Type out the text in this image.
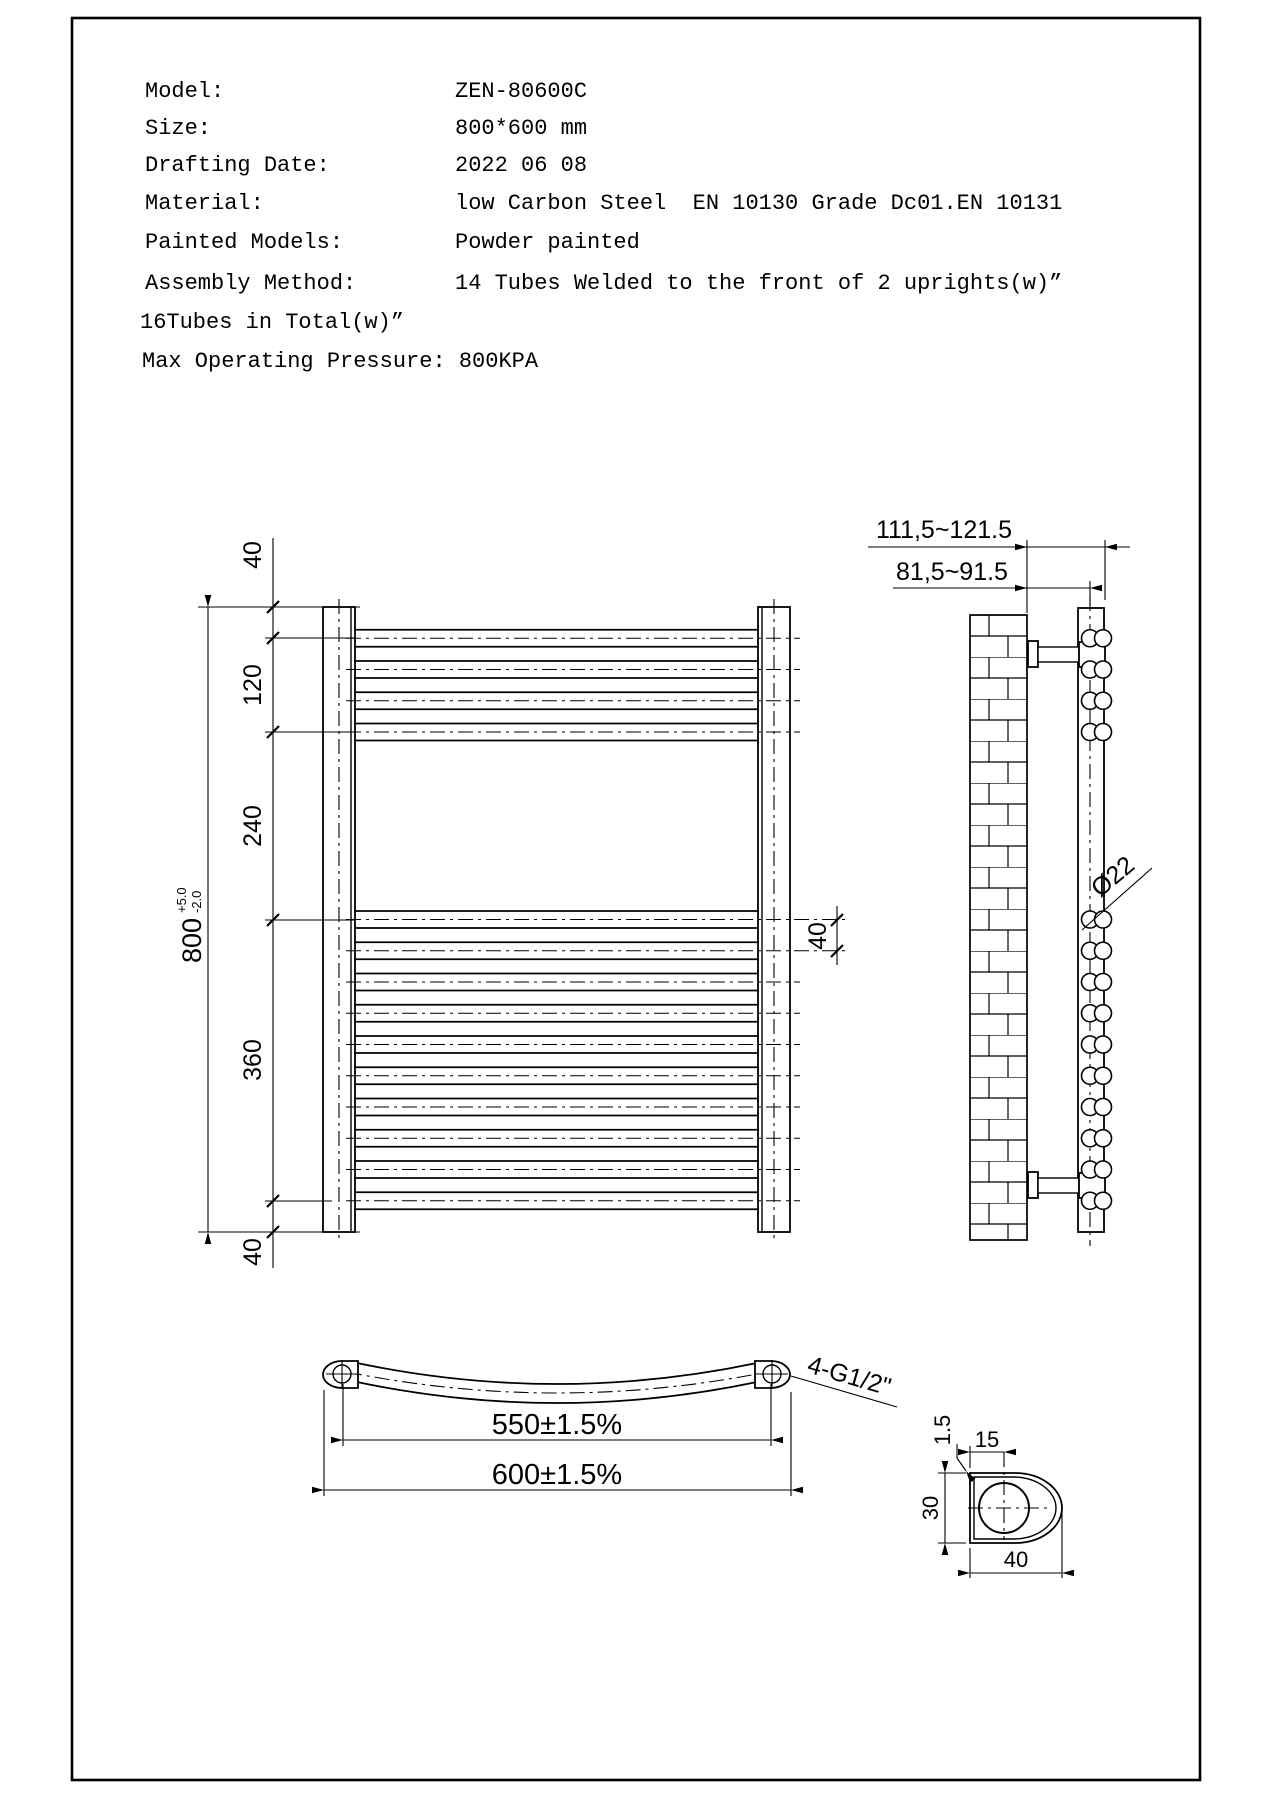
Model:	ZEN-80600C
Size:	800*600 mm
Drafting Date:	2022 06 08
Material:	low Carbon Steel  EN 10130 Grade Dc01.EN 10131
Painted Models:	Powder painted
Assembly Method:	14 Tubes Welded to the front of 2 uprights(w)”
16Tubes in Total(w)”
Max Operating Pressure: 800KPA
800
+5.0 -2.0
40
120
240
360
40
40
111,5~121.5
81,5~91.5
Ø22
4-G1/2"
550±1.5%
600±1.5%
15
1.5
30
40
